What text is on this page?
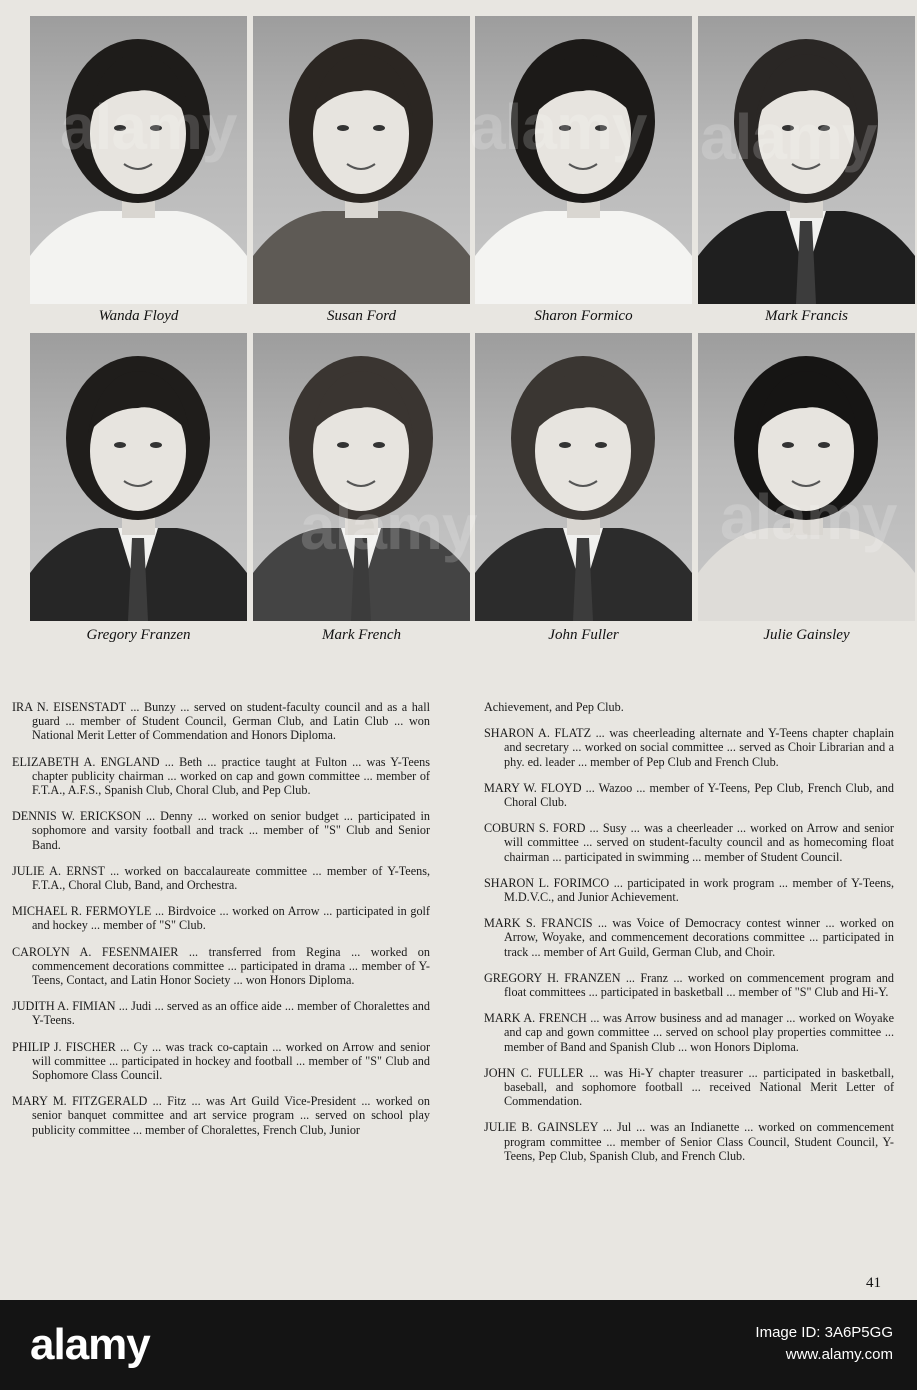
Wanda Floyd	Susan Ford	Sharon Formico	Mark Francis
Gregory Franzen	Mark French	John Fuller	Julie Gainsley
IRA N. EISENSTADT ... Bunzy ... served on student-faculty council and as a hall guard ... member of Student Council, German Club, and Latin Club ... won National Merit Letter of Commendation and Honors Diploma.
ELIZABETH A. ENGLAND ... Beth ... practice taught at Fulton ... was Y-Teens chapter publicity chairman ... worked on cap and gown committee ... member of F.T.A., A.F.S., Spanish Club, Choral Club, and Pep Club.
DENNIS W. ERICKSON ... Denny ... worked on senior budget ... participated in sophomore and varsity football and track ... member of "S" Club and Senior Band.
JULIE A. ERNST ... worked on baccalaureate committee ... member of Y-Teens, F.T.A., Choral Club, Band, and Orchestra.
MICHAEL R. FERMOYLE ... Birdvoice ... worked on Arrow ... participated in golf and hockey ... member of "S" Club.
CAROLYN A. FESENMAIER ... transferred from Regina ... worked on commencement decorations committee ... participated in drama ... member of Y-Teens, Contact, and Latin Honor Society ... won Honors Diploma.
JUDITH A. FIMIAN ... Judi ... served as an office aide ... member of Choralettes and Y-Teens.
PHILIP J. FISCHER ... Cy ... was track co-captain ... worked on Arrow and senior will committee ... participated in hockey and football ... member of "S" Club and Sophomore Class Council.
MARY M. FITZGERALD ... Fitz ... was Art Guild Vice-President ... worked on senior banquet committee and art service program ... served on school play publicity committee ... member of Choralettes, French Club, Junior
Achievement, and Pep Club.
SHARON A. FLATZ ... was cheerleading alternate and Y-Teens chapter chaplain and secretary ... worked on social committee ... served as Choir Librarian and a phy. ed. leader ... member of Pep Club and French Club.
MARY W. FLOYD ... Wazoo ... member of Y-Teens, Pep Club, French Club, and Choral Club.
COBURN S. FORD ... Susy ... was a cheerleader ... worked on Arrow and senior will committee ... served on student-faculty council and as homecoming float chairman ... participated in swimming ... member of Student Council.
SHARON L. FORIMCO ... participated in work program ... member of Y-Teens, M.D.V.C., and Junior Achievement.
MARK S. FRANCIS ... was Voice of Democracy contest winner ... worked on Arrow, Woyake, and commencement decorations committee ... participated in track ... member of Art Guild, German Club, and Choir.
GREGORY H. FRANZEN ... Franz ... worked on commencement program and float committees ... participated in basketball ... member of "S" Club and Hi-Y.
MARK A. FRENCH ... was Arrow business and ad manager ... worked on Woyake and cap and gown committee ... served on school play properties committee ... member of Band and Spanish Club ... won Honors Diploma.
JOHN C. FULLER ... was Hi-Y chapter treasurer ... participated in basketball, baseball, and sophomore football ... received National Merit Letter of Commendation.
JULIE B. GAINSLEY ... Jul ... was an Indianette ... worked on commencement program committee ... member of Senior Class Council, Student Council, Y-Teens, Pep Club, Spanish Club, and French Club.
41
alamy	Image ID: 3A6P5GG
www.alamy.com
